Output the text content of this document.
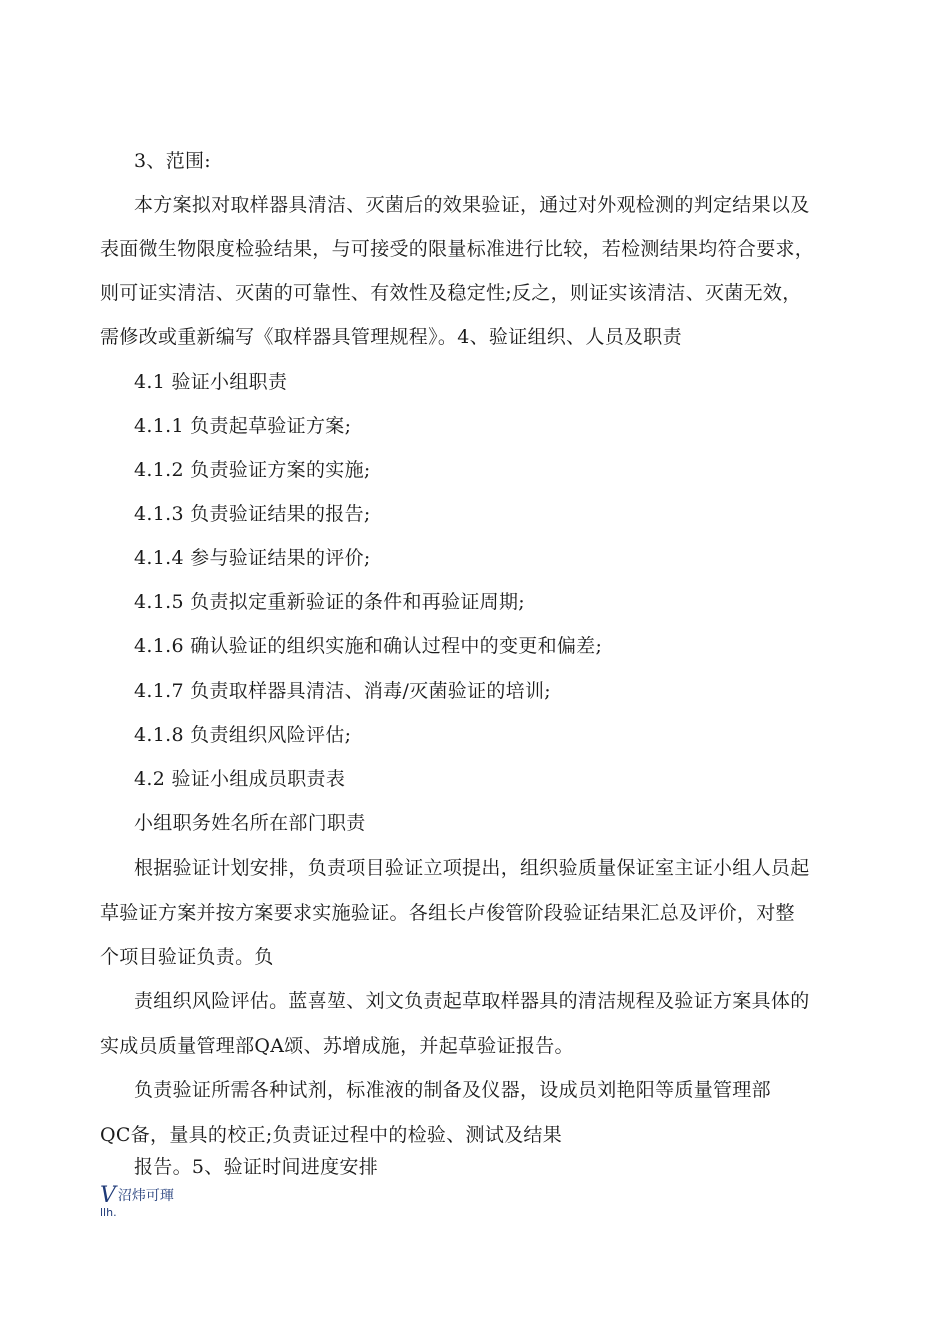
3、范围:
本方案拟对取样器具清洁、灭菌后的效果验证，通过对外观检测的判定结果以及
表面微生物限度检验结果，与可接受的限量标准进行比较，若检测结果均符合要求，
则可证实清洁、灭菌的可靠性、有效性及稳定性;反之，则证实该清洁、灭菌无效，
需修改或重新编写《取样器具管理规程》。4、验证组织、人员及职责
4.1 验证小组职责
4.1.1 负责起草验证方案;
4.1.2 负责验证方案的实施;
4.1.3 负责验证结果的报告;
4.1.4 参与验证结果的评价;
4.1.5 负责拟定重新验证的条件和再验证周期;
4.1.6 确认验证的组织实施和确认过程中的变更和偏差;
4.1.7 负责取样器具清洁、消毒/灭菌验证的培训;
4.1.8 负责组织风险评估;
4.2 验证小组成员职责表
小组职务姓名所在部门职责
根据验证计划安排，负责项目验证立项提出，组织验质量保证室主证小组人员起
草验证方案并按方案要求实施验证。各组长卢俊管阶段验证结果汇总及评价，对整
个项目验证负责。负
责组织风险评估。蓝喜堃、刘文负责起草取样器具的清洁规程及验证方案具体的
实成员质量管理部QA颂、苏增成施，并起草验证报告。
负责验证所需各种试剂，标准液的制备及仪器，设成员刘艳阳等质量管理部
QC备，量具的校正;负责证过程中的检验、测试及结果
报告。5、验证时间进度安排
V沼炜可琿
llh.
